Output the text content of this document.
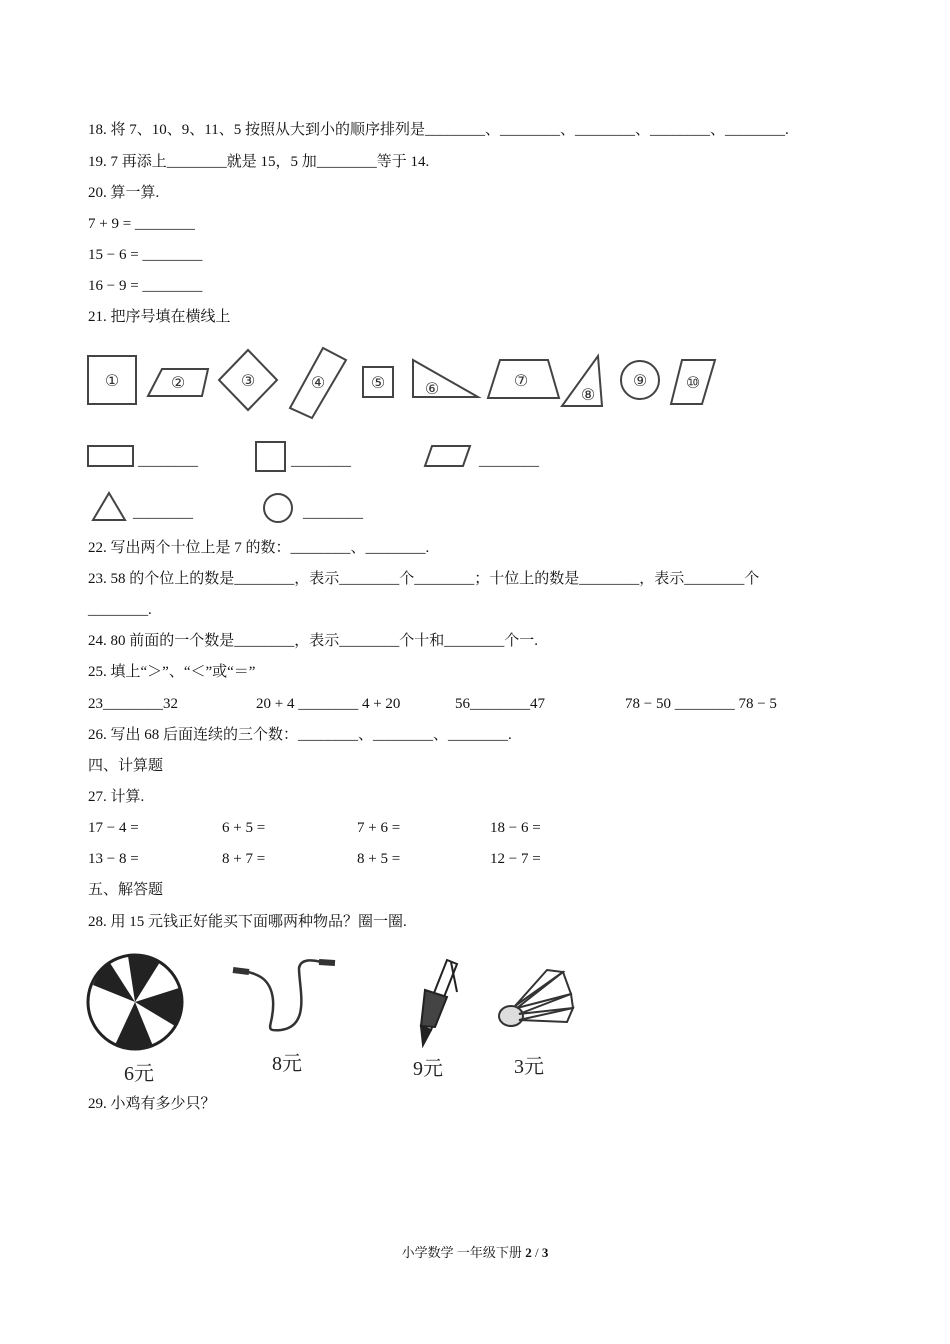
18. 将 7、10、9、11、5 按照从大到小的顺序排列是________、________、________、________、________.
19. 7 再添上________就是 15，5 加________等于 14.
20. 算一算.
7 + 9 = ________
15 − 6 = ________
16 − 9 = ________
21. 把序号填在横线上
①	②	③	④	⑤ ⑥	⑦
⑧
⑨ ⑩
________	________	________
________	________
22. 写出两个十位上是 7 的数：________、________.
23. 58 的个位上的数是________，表示________个________；十位上的数是________，表示________个
________.
24. 80 前面的一个数是________，表示________个十和________个一.
25. 填上“＞”、“＜”或“＝”
23________32	20 + 4 ________ 4 + 20	56________47	78 − 50 ________ 78 − 5
26. 写出 68 后面连续的三个数：________、________、________.
四、计算题
27. 计算.
17 − 4 =	6 + 5 =	7 + 6 =	18 − 6 =
13 − 8 =	8 + 7 =	8 + 5 =	12 − 7 =
五、解答题
28. 用 15 元钱正好能买下面哪两种物品？圈一圈.
6元	8元	9元	3元
29. 小鸡有多少只？
小学数学 一年级下册 2 / 3
